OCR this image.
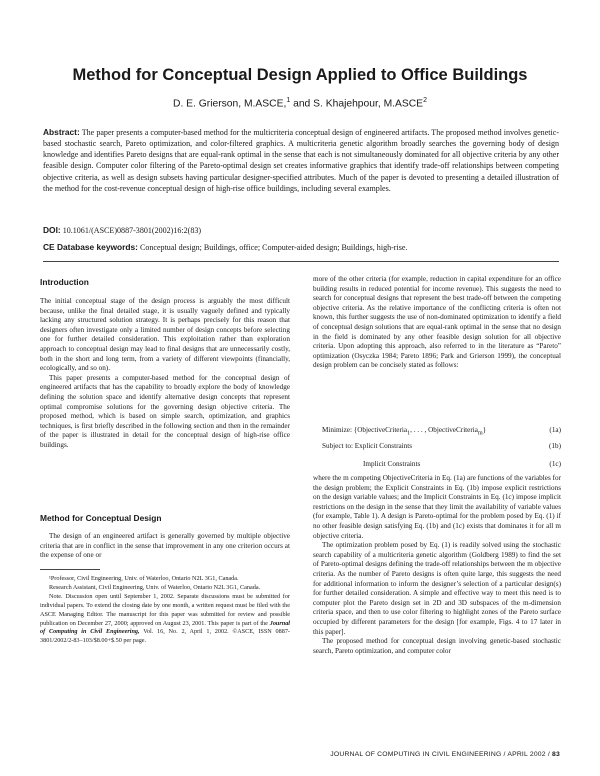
Method for Conceptual Design Applied to Office Buildings
D. E. Grierson, M.ASCE,$^1$ and S. Khajehpour, M.ASCE$^2$
Abstract: The paper presents a computer-based method for the multicriteria conceptual design of engineered artifacts. The proposed method involves genetic-based stochastic search, Pareto optimization, and color-filtered graphics. A multicriteria genetic algorithm broadly searches the governing body of design knowledge and identifies Pareto designs that are equal-rank optimal in the sense that each is not simultaneously dominated for all objective criteria by any other feasible design. Computer color filtering of the Pareto-optimal design set creates informative graphics that identify trade-off relationships between competing objective criteria, as well as design subsets having particular designer-specified attributes. Much of the paper is devoted to presenting a detailed illustration of the method for the cost-revenue conceptual design of high-rise office buildings, including several examples.
DOI: 10.1061/(ASCE)0887-3801(2002)16:2(83)
CE Database keywords: Conceptual design; Buildings, office; Computer-aided design; Buildings, high-rise.
Introduction

The initial conceptual stage of the design process is arguably the most difficult because, unlike the final detailed stage, it is usually vaguely defined and typically lacking any structured solution strategy. It is perhaps precisely for this reason that designers often investigate only a limited number of design concepts before selecting one for further detailed consideration. This exploitation rather than exploration approach to conceptual design may lead to final designs that are unnecessarily costly, both in the short and long term, from a variety of different viewpoints (financially, ecologically, and so on).

This paper presents a computer-based method for the conceptual design of engineered artifacts that has the capability to broadly explore the body of knowledge defining the solution space and identify alternative design concepts that represent optimal compromise solutions for the governing design objective criteria. The proposed method, which is based on simple search, optimization, and graphics techniques, is first briefly described in the following section and then in the remainder of the paper is illustrated in detail for the conceptual design of high-rise office buildings.

Method for Conceptual Design

The design of an engineered artifact is generally governed by multiple objective criteria that are in conflict in the sense that improvement in any one criterion occurs at the expense of one or

¹Professor, Civil Engineering, Univ. of Waterloo, Ontario N2L 3G1, Canada.

Research Assistant, Civil Engineering, Univ. of Waterloo, Ontario N2L 3G1, Canada.

Note. Discussion open until September 1, 2002. Separate discussions must be submitted for individual papers. To extend the closing date by one month, a written request must be filed with the ASCE Managing Editor. The manuscript for this paper was submitted for review and possible publication on December 27, 2000; approved on August 23, 2001. This paper is part of the Journal of Computing in Civil Engineering, Vol. 16, No. 2, April 1, 2002. ©ASCE, ISSN 0887-3801/2002/2-83–103/$8.00+$.50 per page.

more of the other criteria (for example, reduction in capital expenditure for an office building results in reduced potential for income revenue). This suggests the need to search for conceptual designs that represent the best trade-off between the competing objective criteria. As the relative importance of the conflicting criteria is often not known, this further suggests the use of non-dominated optimization to identify a field of conceptual design solutions that are equal-rank optimal in the sense that no design in the field is dominated by any other feasible design solution for all objective criteria. Upon adopting this approach, also referred to in the literature as “Pareto” optimization (Osyczka 1984; Pareto 1896; Park and Grierson 1999), the conceptual design problem can be concisely stated as follows:

Minimize: {ObjectiveCriteria$_1$, . . . , ObjectiveCriteria$_m$}	(1a)
Subject to: Explicit Constraints	(1b)
Implicit Constraints	(1c)

where the m competing ObjectiveCriteria in Eq. (1a) are functions of the variables for the design problem; the Explicit Constraints in Eq. (1b) impose explicit restrictions on the design variable values; and the Implicit Constraints in Eq. (1c) impose implicit restrictions on the design in the sense that they limit the availability of variable values (for example, Table 1). A design is Pareto-optimal for the problem posed by Eq. (1) if no other feasible design satisfying Eq. (1b) and (1c) exists that dominates it for all m objective criteria.

The optimization problem posed by Eq. (1) is readily solved using the stochastic search capability of a multicriteria genetic algorithm (Goldberg 1989) to find the set of Pareto-optimal designs defining the trade-off relationships between the m objective criteria. As the number of Pareto designs is often quite large, this suggests the need for additional information to inform the designer’s selection of a particular design(s) for further detailed consideration. A simple and effective way to meet this need is to computer plot the Pareto design set in 2D and 3D subspaces of the m-dimension criteria space, and then to use color filtering to highlight zones of the Pareto surface occupied by different parameters for the design [for example, Figs. 4 to 17 later in this paper].

The proposed method for conceptual design involving genetic-based stochastic search, Pareto optimization, and computer color

JOURNAL OF COMPUTING IN CIVIL ENGINEERING / APRIL 2002 / 83
